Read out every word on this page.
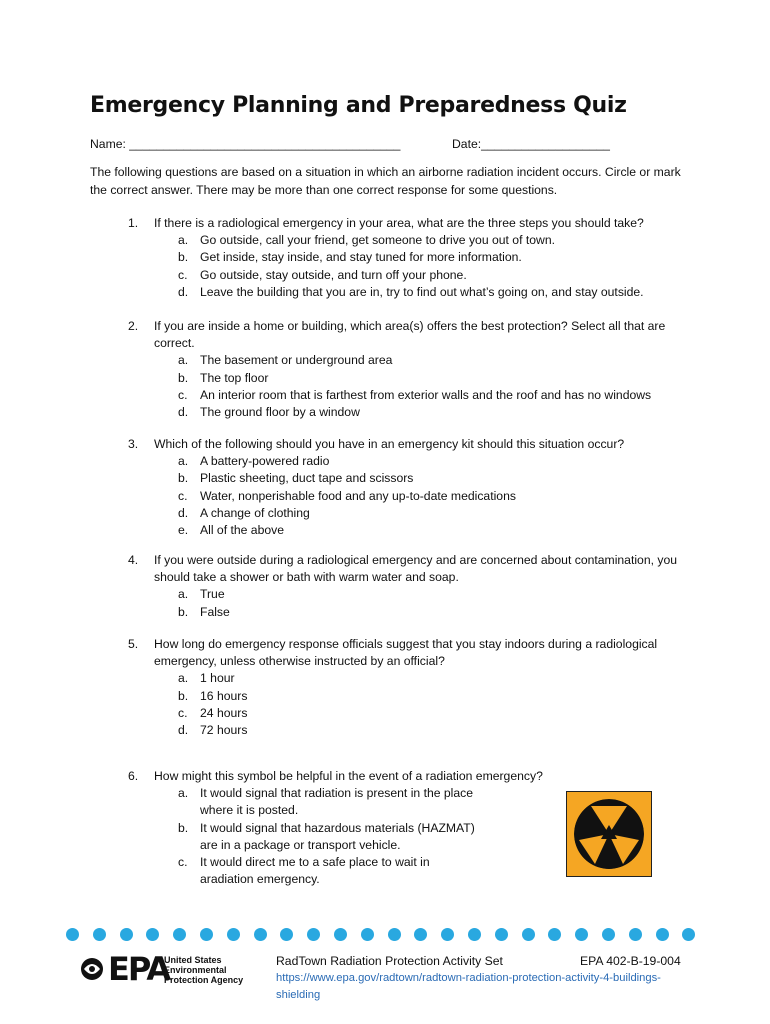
Emergency Planning and Preparedness Quiz
Name: ________________________________________	Date:___________________
The following questions are based on a situation in which an airborne radiation incident occurs. Circle or mark the correct answer. There may be more than one correct response for some questions.
1.	If there is a radiological emergency in your area, what are the three steps you should take?
a. Go outside, call your friend, get someone to drive you out of town.
b. Get inside, stay inside, and stay tuned for more information.
c. Go outside, stay outside, and turn off your phone.
d. Leave the building that you are in, try to find out what’s going on, and stay outside.
2.	If you are inside a home or building, which area(s) offers the best protection? Select all that are correct.
a. The basement or underground area
b. The top floor
c. An interior room that is farthest from exterior walls and the roof and has no windows
d. The ground floor by a window
3.	Which of the following should you have in an emergency kit should this situation occur?
a. A battery-powered radio
b. Plastic sheeting, duct tape and scissors
c. Water, nonperishable food and any up-to-date medications
d. A change of clothing
e. All of the above
4.	If you were outside during a radiological emergency and are concerned about contamination, you should take a shower or bath with warm water and soap.
a. True
b. False
5.	How long do emergency response officials suggest that you stay indoors during a radiological emergency, unless otherwise instructed by an official?
a. 1 hour
b. 16 hours
c. 24 hours
d. 72 hours
6.	How might this symbol be helpful in the event of a radiation emergency?
a. It would signal that radiation is present in the place where it is posted.
b. It would signal that hazardous materials (HAZMAT) are in a package or transport vehicle.
c. It would direct me to a safe place to wait in aradiation emergency.
EPA
United States Environmental Protection Agency
RadTown Radiation Protection Activity Set	EPA 402-B-19-004
https://www.epa.gov/radtown/radtown-radiation-protection-activity-4-buildings-shielding
